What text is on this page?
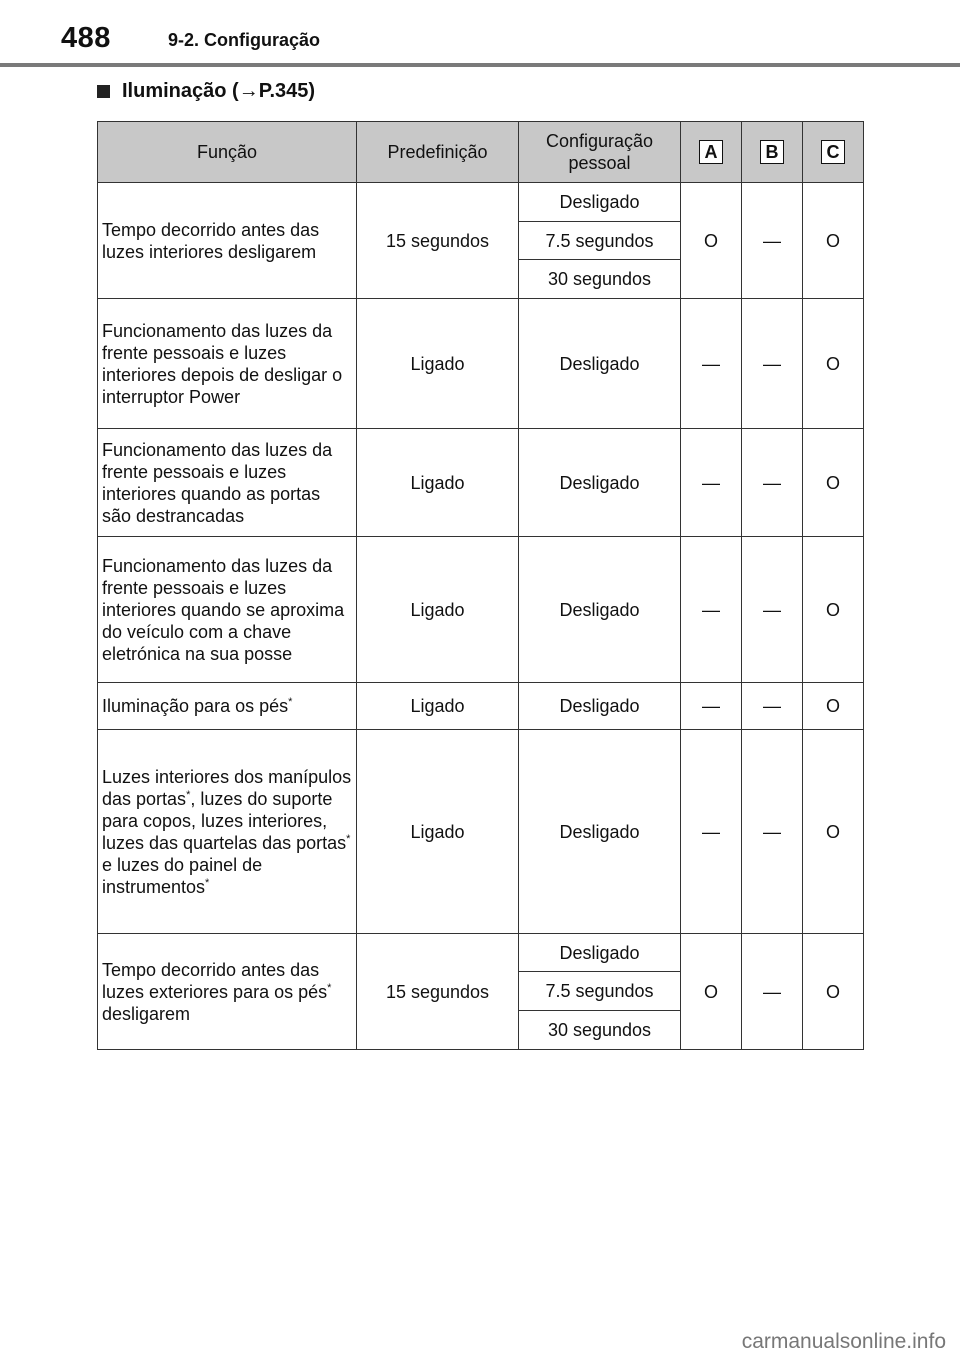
488	9-2. Configuração
Iluminação ( → P.345)
Função	Predefinição	Configuração pessoal	A	B	C
Tempo decorrido antes das luzes interiores desligarem	15 segundos	Desligado	O	—	O
		7.5 segundos			
		30 segundos			
Funcionamento das luzes da frente pessoais e luzes interiores depois de desligar o interruptor Power	Ligado	Desligado	—	—	O
Funcionamento das luzes da frente pessoais e luzes interiores quando as portas são destrancadas	Ligado	Desligado	—	—	O
Funcionamento das luzes da frente pessoais e luzes interiores quando se aproxima do veículo com a chave eletrónica na sua posse	Ligado	Desligado	—	—	O
Iluminação para os pés*	Ligado	Desligado	—	—	O
Luzes interiores dos manípulos das portas*, luzes do suporte para copos, luzes interiores, luzes das quartelas das portas* e luzes do painel de instrumentos*	Ligado	Desligado	—	—	O
Tempo decorrido antes das luzes exteriores para os pés* desligarem	15 segundos	Desligado	O	—	O
		7.5 segundos			
		30 segundos			
carmanualsonline.info
